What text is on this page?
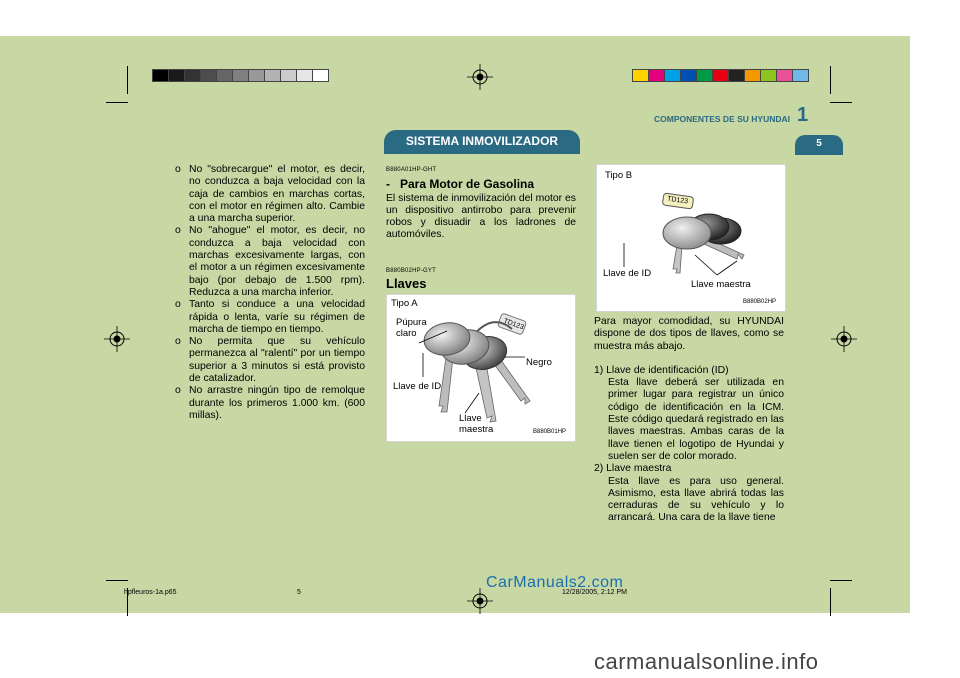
COMPONENTES DE SU HYUNDAI 1
5
SISTEMA INMOVILIZADOR
o No "sobrecargue" el motor, es decir, no conduzca a baja velocidad con la caja de cambios en marchas cortas, con el motor en régimen alto. Cambie a una marcha superior.
o No "ahogue" el motor, es decir, no conduzca a baja velocidad con marchas excesivamente largas, con el motor a un régimen excesivamente bajo (por debajo de 1.500 rpm). Reduzca a una marcha inferior.
o Tanto si conduce a una velocidad rápida o lenta, varíe su régimen de marcha de tiempo en tiempo.
o No permita que su vehículo permanezca al "ralentí" por un tiempo superior a 3 minutos si está provisto de catalizador.
o No arrastre ningún tipo de remolque durante los primeros 1.000 km. (600 millas).
B880A01HP-GHT
-   Para Motor de Gasolina
El sistema de inmovilización del motor es un dispositivo antirrobo para prevenir robos y disuadir a los ladrones de automóviles.
B880B02HP-GYT
Llaves
Tipo A
Púpura
claro
Negro
Llave de ID
Llave
maestra
TD123
B880B01HP
Tipo B
Llave de ID
Llave maestra
TD123
B880B02HP
Para mayor comodidad, su HYUNDAI dispone de dos tipos de llaves, como se muestra más abajo.
1) Llave de identificación (ID)
Esta llave deberá ser utilizada en primer lugar para registrar un único código de identificación en la ICM. Este código quedará registrado en las llaves maestras. Ambas caras de la llave tienen el logotipo de Hyundai y suelen ser de color morado.
2) Llave maestra
Esta llave es para uso general. Asimismo, esta llave abrirá todas las cerraduras de su vehículo y lo arrancará. Una cara de la llave tiene
hpfleuros-1a.p65	5	12/28/2005, 2:12 PM
CarManuals2.com
carmanualsonline.info
